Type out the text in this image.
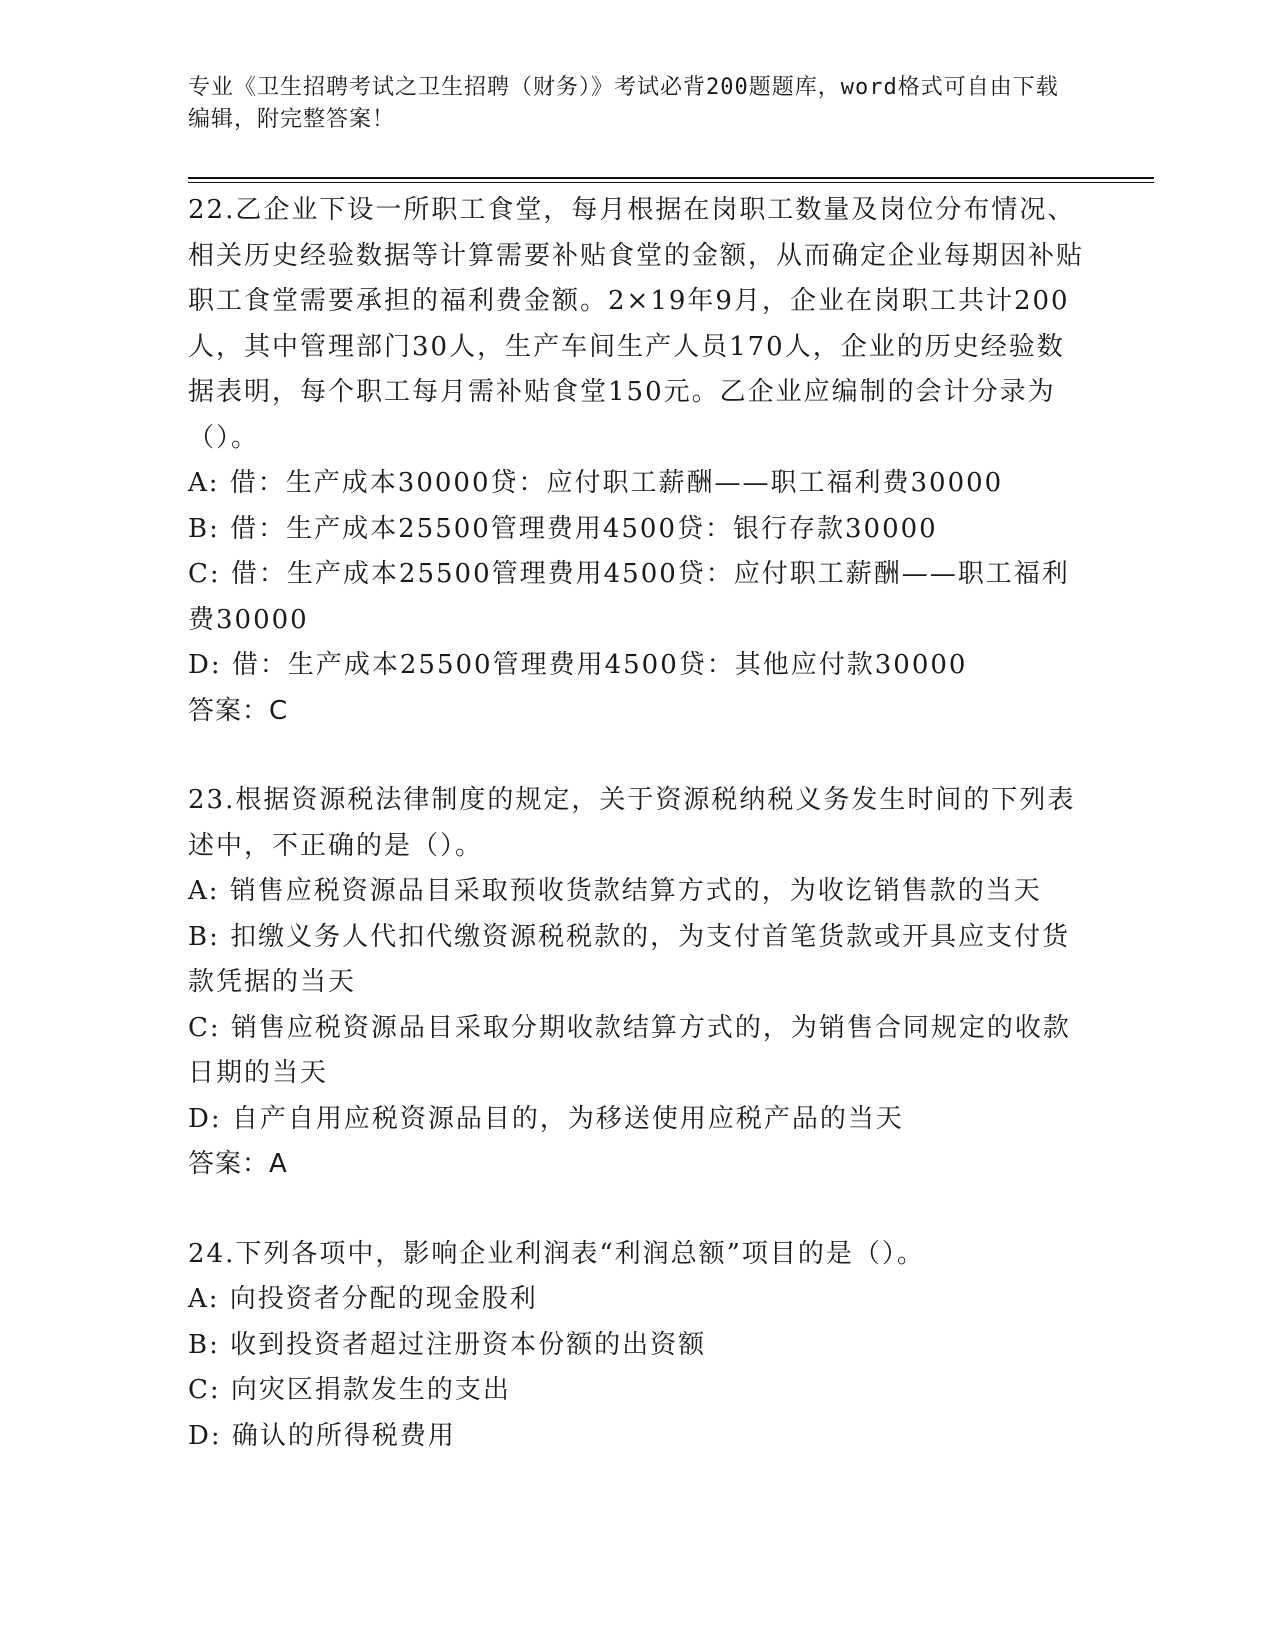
专业《卫生招聘考试之卫生招聘（财务）》考试必背200题题库，word格式可自由下载编辑，附完整答案！
22.乙企业下设一所职工食堂，每月根据在岗职工数量及岗位分布情况、相关历史经验数据等计算需要补贴食堂的金额，从而确定企业每期因补贴职工食堂需要承担的福利费金额。2×19年9月，企业在岗职工共计200人，其中管理部门30人，生产车间生产人员170人，企业的历史经验数据表明，每个职工每月需补贴食堂150元。乙企业应编制的会计分录为（）。
A: 借：生产成本30000贷：应付职工薪酬——职工福利费30000
B: 借：生产成本25500管理费用4500贷：银行存款30000
C: 借：生产成本25500管理费用4500贷：应付职工薪酬——职工福利费30000
D: 借：生产成本25500管理费用4500贷：其他应付款30000
答案：C
23.根据资源税法律制度的规定，关于资源税纳税义务发生时间的下列表述中，不正确的是（）。
A: 销售应税资源品目采取预收货款结算方式的，为收讫销售款的当天
B: 扣缴义务人代扣代缴资源税税款的，为支付首笔货款或开具应支付货款凭据的当天
C: 销售应税资源品目采取分期收款结算方式的，为销售合同规定的收款日期的当天
D: 自产自用应税资源品目的，为移送使用应税产品的当天
答案：A
24.下列各项中，影响企业利润表“利润总额”项目的是（）。
A: 向投资者分配的现金股利
B: 收到投资者超过注册资本份额的出资额
C: 向灾区捐款发生的支出
D: 确认的所得税费用
